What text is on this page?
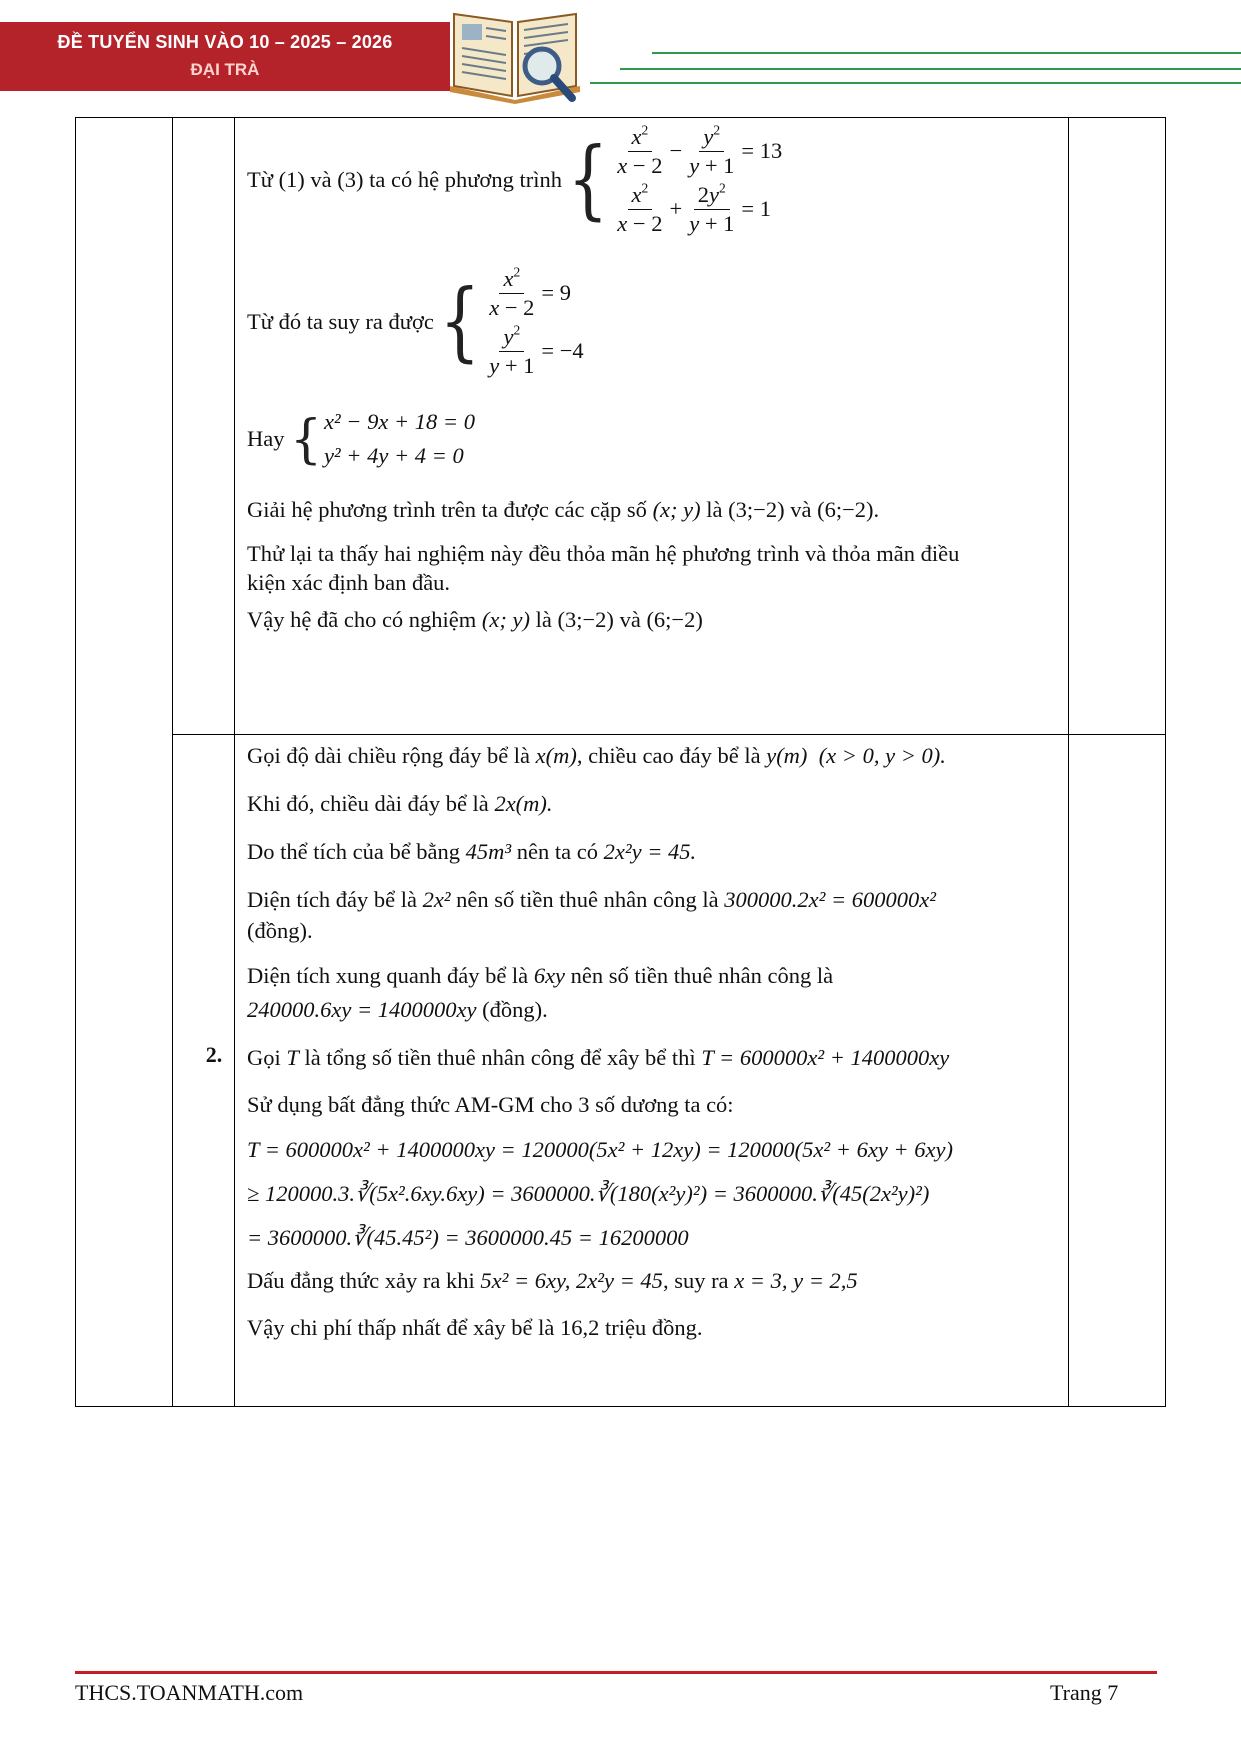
ĐỀ TUYỂN SINH VÀO 10 – 2025 – 2026
ĐẠI TRÀ
Từ (1) và (3) ta có hệ phương trình { $\frac{x^2}{x - 2} - \frac{y^2}{y + 1} = 13$
$\frac{x^2}{x - 2} + \frac{2y^2}{y + 1} = 1$
Từ đó ta suy ra được { $\frac{x^2}{x - 2} = 9$
$\frac{y^2}{y + 1} = -4$
Hay { x² − 9x + 18 = 0
y² + 4y + 4 = 0
Giải hệ phương trình trên ta được các cặp số (x; y) là (3;−2) và (6;−2).
Thử lại ta thấy hai nghiệm này đều thỏa mãn hệ phương trình và thỏa mãn điều
kiện xác định ban đầu.
Vậy hệ đã cho có nghiệm (x; y) là (3;−2) và (6;−2)
2.
Gọi độ dài chiều rộng đáy bể là x(m), chiều cao đáy bể là y(m) (x > 0, y > 0).
Khi đó, chiều dài đáy bể là 2x(m).
Do thể tích của bể bằng 45m³ nên ta có 2x²y = 45.
Diện tích đáy bể là 2x² nên số tiền thuê nhân công là 300000.2x² = 600000x²
(đồng).
Diện tích xung quanh đáy bể là 6xy nên số tiền thuê nhân công là
240000.6xy = 1400000xy (đồng).
Gọi T là tổng số tiền thuê nhân công để xây bể thì T = 600000x² + 1400000xy
Sử dụng bất đẳng thức AM-GM cho 3 số dương ta có:
T = 600000x² + 1400000xy = 120000(5x² + 12xy) = 120000(5x² + 6xy + 6xy)
≥ 120000.3.∛(5x².6xy.6xy) = 3600000.∛(180(x²y)²) = 3600000.∛(45(2x²y)²)
= 3600000.∛(45.45²) = 3600000.45 = 16200000
Dấu đẳng thức xảy ra khi 5x² = 6xy, 2x²y = 45, suy ra x = 3, y = 2,5
Vậy chi phí thấp nhất để xây bể là 16,2 triệu đồng.
THCS.TOANMATH.com	Trang 7
